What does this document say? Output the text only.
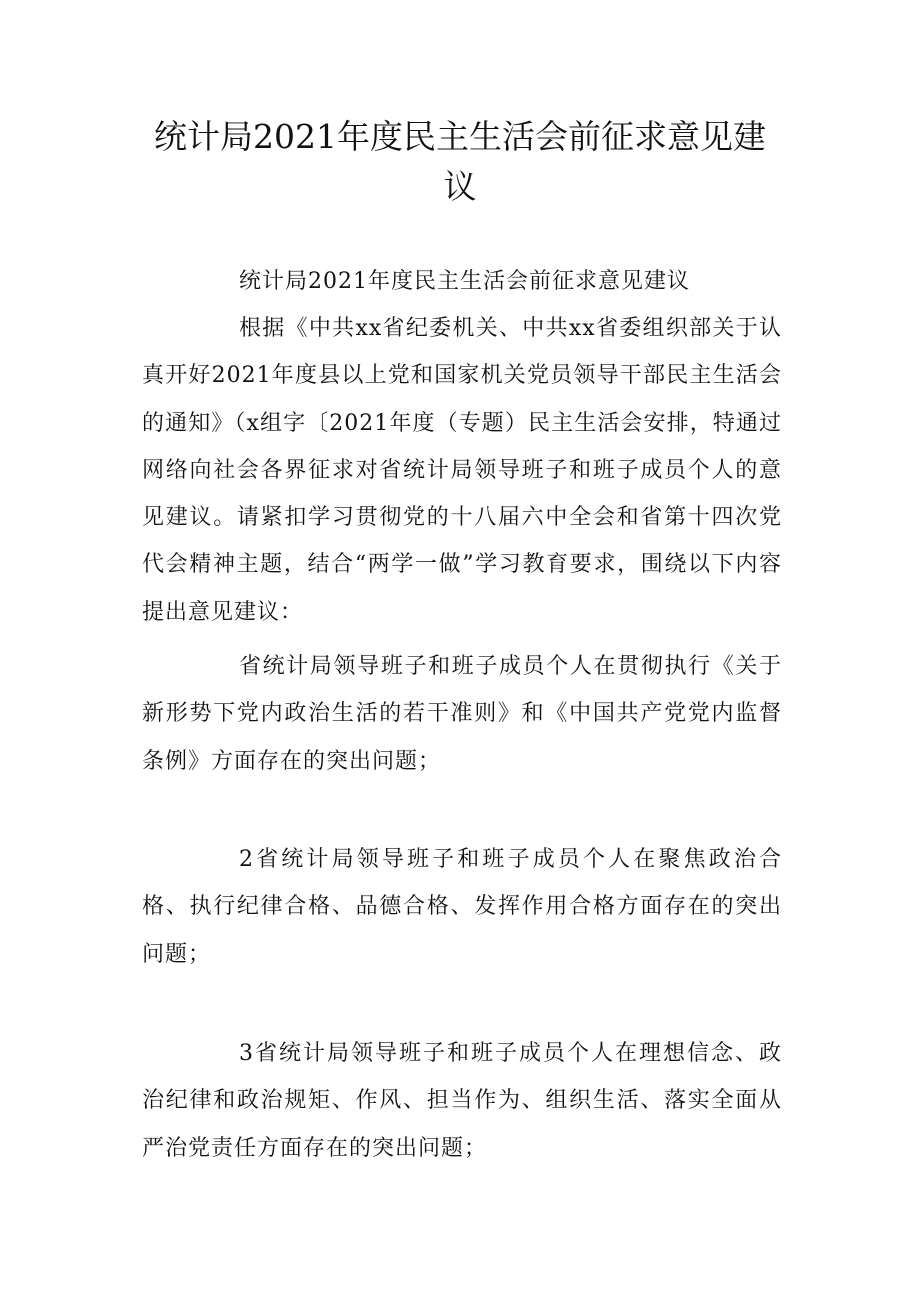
统计局2021年度民主生活会前征求意见建议

统计局2021年度民主生活会前征求意见建议

根据《中共xx省纪委机关、中共xx省委组织部关于认真开好2021年度县以上党和国家机关党员领导干部民主生活会的通知》（x组字〔2021年度（专题）民主生活会安排，特通过网络向社会各界征求对省统计局领导班子和班子成员个人的意见建议。请紧扣学习贯彻党的十八届六中全会和省第十四次党代会精神主题，结合“两学一做”学习教育要求，围绕以下内容提出意见建议：

省统计局领导班子和班子成员个人在贯彻执行《关于新形势下党内政治生活的若干准则》和《中国共产党党内监督条例》方面存在的突出问题；

2省统计局领导班子和班子成员个人在聚焦政治合格、执行纪律合格、品德合格、发挥作用合格方面存在的突出问题；

3省统计局领导班子和班子成员个人在理想信念、政治纪律和政治规矩、作风、担当作为、组织生活、落实全面从严治党责任方面存在的突出问题；
